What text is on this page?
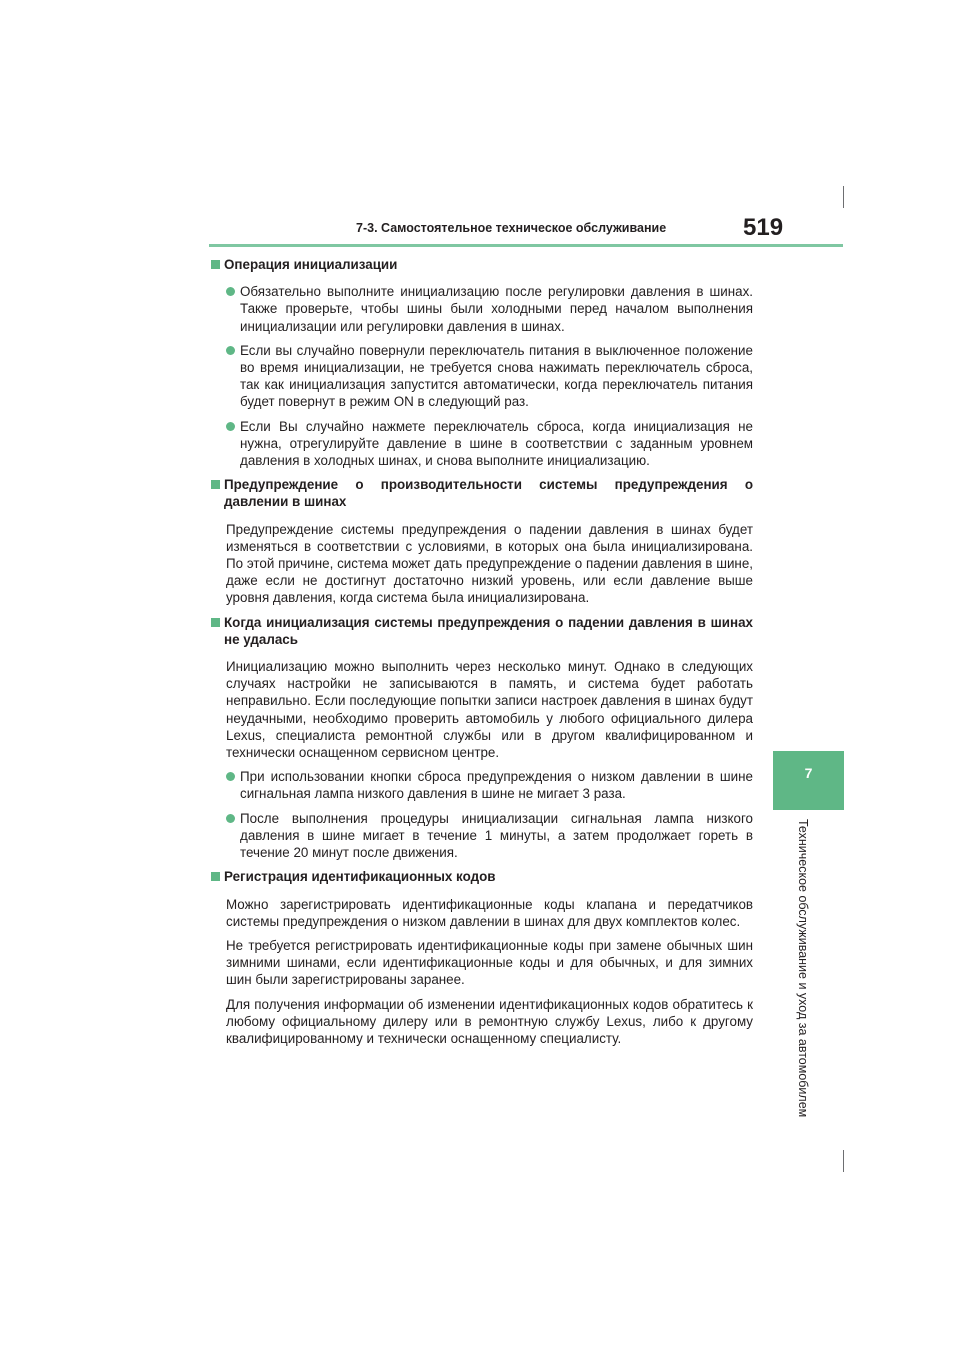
7-3. Самостоятельное техническое обслуживание	519
7
Техническое обслуживание и уход за автомобилем
Операция инициализации
Обязательно выполните инициализацию после регулировки давления в шинах. Также проверьте, чтобы шины были холодными перед началом выполнения инициализации или регулировки давления в шинах.
Если вы случайно повернули переключатель питания в выключенное положение во время инициализации, не требуется снова нажимать переключатель сброса, так как инициализация запустится автоматически, когда переключатель питания будет повернут в режим ON в следующий раз.
Если Вы случайно нажмете переключатель сброса, когда инициализация не нужна, отрегулируйте давление в шине в соответствии с заданным уровнем давления в холодных шинах, и снова выполните инициализацию.
Предупреждение о производительности системы предупреждения о давлении в шинах
Предупреждение системы предупреждения о падении давления в шинах будет изменяться в соответствии с условиями, в которых она была инициализирована. По этой причине, система может дать предупреждение о падении давления в шине, даже если не достигнут достаточно низкий уровень, или если давление выше уровня давления, когда система была инициализирована.
Когда инициализация системы предупреждения о падении давления в шинах не удалась
Инициализацию можно выполнить через несколько минут. Однако в следующих случаях настройки не записываются в память, и система будет работать неправильно. Если последующие попытки записи настроек давления в шинах будут неудачными, необходимо проверить автомобиль у любого официального дилера Lexus, специалиста ремонтной службы или в другом квалифицированном и технически оснащенном сервисном центре.
При использовании кнопки сброса предупреждения о низком давлении в шине сигнальная лампа низкого давления в шине не мигает 3 раза.
После выполнения процедуры инициализации сигнальная лампа низкого давления в шине мигает в течение 1 минуты, а затем продолжает гореть в течение 20 минут после движения.
Регистрация идентификационных кодов
Можно зарегистрировать идентификационные коды клапана и передатчиков системы предупреждения о низком давлении в шинах для двух комплектов колес.
Не требуется регистрировать идентификационные коды при замене обычных шин зимними шинами, если идентификационные коды и для обычных, и для зимних шин были зарегистрированы заранее.
Для получения информации об изменении идентификационных кодов обратитесь к любому официальному дилеру или в ремонтную службу Lexus, либо к другому квалифицированному и технически оснащенному специалисту.
